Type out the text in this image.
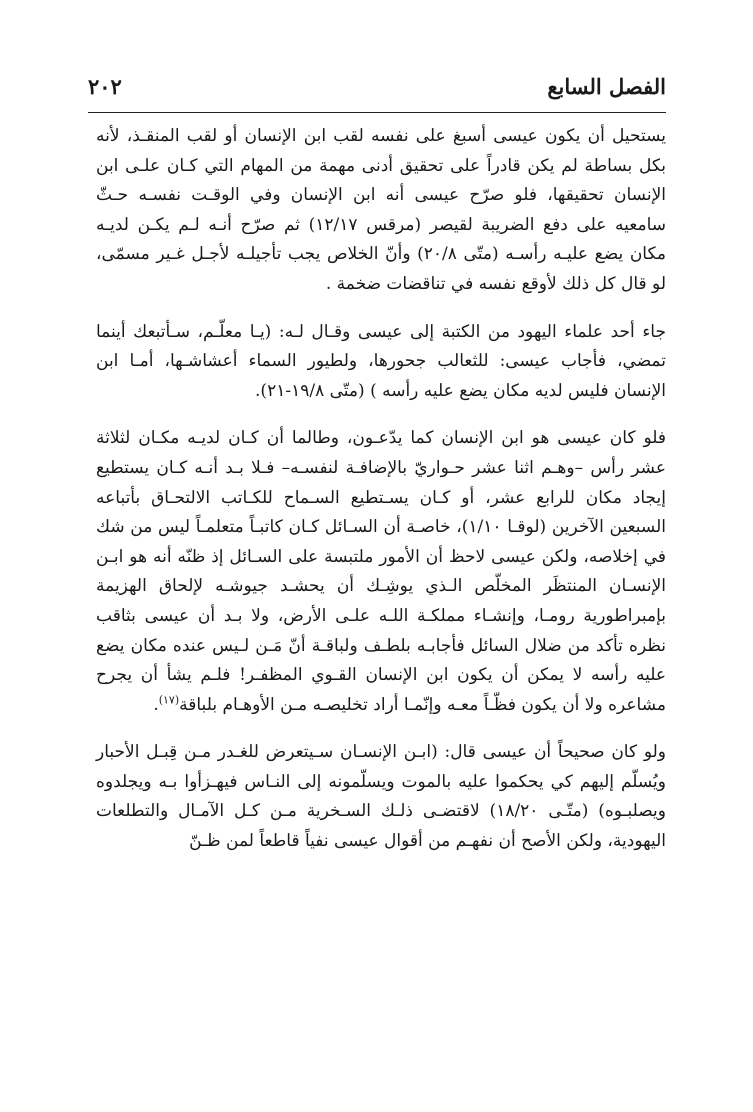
الفصل السابع
٢٠٢

يستحيل أن يكون عيسى أسبغ على نفسه لقب ابن الإنسان أو لقب المنقـذ، لأنه بكل بساطة لم يكن قادراً على تحقيق أدنى مهمة من المهام التي كـان علـى ابن الإنسان تحقيقها، فلو صرّح عيسى أنه ابن الإنسان وفي الوقـت نفسـه حـثّ سامعيه على دفع الضريبة لقيصر (مرقس ١٢/١٧) ثم صرّح أنـه لـم يكـن لديـه مكان يضع عليـه رأسـه (متّى ٢٠/٨) وأنّ الخلاص يجب تأجيلـه لأجـل غـير مسمّى، لو قال كل ذلك لأوقع نفسه في تناقضات ضخمة .

جاء أحد علماء اليهود من الكتبة إلى عيسى وقـال لـه: (يـا معلّـم، سـأتبعك أينما تمضي، فأجاب عيسى: للثعالب جحورها، ولطيور السماء أعشاشـها، أمـا ابن الإنسان فليس لديه مكان يضع عليه رأسه ) (متّى ١٩/٨-٢١).

فلو كان عيسى هو ابن الإنسان كما يدّعـون، وطالما أن كـان لديـه مكـان لثلاثة عشر رأس –وهـم اثنا عشر حـواريّ بالإضافـة لنفسـه– فـلا بـد أنـه كـان يستطيع إيجاد مكان للرابع عشر، أو كـان يسـتطيع السـماح للكـاتب الالتحـاق بأتباعه السبعين الآخرين (لوقـا ١/١٠)، خاصـة أن السـائل كـان كاتبـاً متعلمـاً ليس من شك في إخلاصه، ولكن عيسى لاحظ أن الأمور ملتبسة على السـائل إذ ظنّه أنه هو ابـن الإنسـان المنتظَر المخلّص الـذي يوشِـك أن يحشـد جيوشـه لإلحاق الهزيمة بإمبراطورية رومـا، وإنشـاء مملكـة اللـه علـى الأرض، ولا بـد أن عيسى بثاقب نظره تأكد من ضلال السائل فأجابـه بلطـف ولباقـة أنّ مَـن لـيس عنده مكان يضع عليه رأسه لا يمكن أن يكون ابن الإنسان القـوي المظفـر! فلـم يشأ أن يجرح مشاعره ولا أن يكون فظّـاً معـه وإنّمـا أراد تخليصـه مـن الأوهـام بلباقة$^{(١٧)}$.

ولو كان صحيحاً أن عيسى قال: (ابـن الإنسـان سـيتعرض للغـدر مـن قِبـل الأحبار ويُسلّم إليهم كي يحكموا عليه بالموت ويسلّمونه إلى النـاس فيهـزأوا بـه ويجلدوه ويصلبـوه) (متّـى ١٨/٢٠) لاقتضـى ذلـك السـخرية مـن كـل الآمـال والتطلعات اليهودية، ولكن الأصح أن نفهـم من أقوال عيسى نفياً قاطعاً لمن ظـنّ
